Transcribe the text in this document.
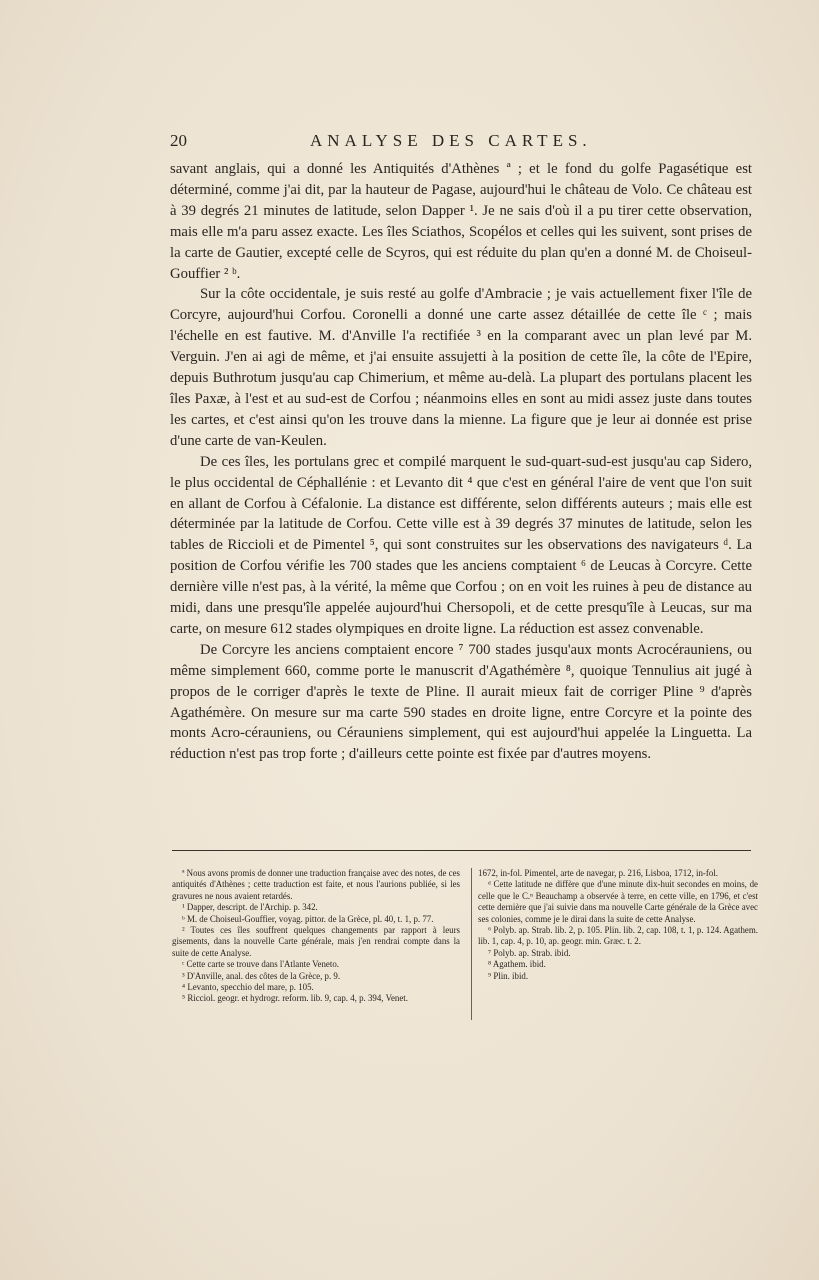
20	ANALYSE DES CARTES.

savant anglais, qui a donné les Antiquités d'Athènes ª ; et le fond du golfe Pagasétique est déterminé, comme j'ai dit, par la hauteur de Pagase, aujourd'hui le château de Volo. Ce château est à 39 degrés 21 minutes de latitude, selon Dapper ¹. Je ne sais d'où il a pu tirer cette observation, mais elle m'a paru assez exacte. Les îles Sciathos, Scopélos et celles qui les suivent, sont prises de la carte de Gautier, excepté celle de Scyros, qui est réduite du plan qu'en a donné M. de Choiseul-Gouffier ² ᵇ.

Sur la côte occidentale, je suis resté au golfe d'Ambracie ; je vais actuellement fixer l'île de Corcyre, aujourd'hui Corfou. Coronelli a donné une carte assez détaillée de cette île ᶜ ; mais l'échelle en est fautive. M. d'Anville l'a rectifiée ³ en la comparant avec un plan levé par M. Verguin. J'en ai agi de même, et j'ai ensuite assujetti à la position de cette île, la côte de l'Epire, depuis Buthrotum jusqu'au cap Chimerium, et même au-delà. La plupart des portulans placent les îles Paxæ, à l'est et au sud-est de Corfou ; néanmoins elles en sont au midi assez juste dans toutes les cartes, et c'est ainsi qu'on les trouve dans la mienne. La figure que je leur ai donnée est prise d'une carte de van-Keulen.

De ces îles, les portulans grec et compilé marquent le sud-quart-sud-est jusqu'au cap Sidero, le plus occidental de Céphallénie : et Levanto dit ⁴ que c'est en général l'aire de vent que l'on suit en allant de Corfou à Céfalonie. La distance est différente, selon différents auteurs ; mais elle est déterminée par la latitude de Corfou. Cette ville est à 39 degrés 37 minutes de latitude, selon les tables de Riccioli et de Pimentel ⁵, qui sont construites sur les observations des navigateurs ᵈ. La position de Corfou vérifie les 700 stades que les anciens comptaient ⁶ de Leucas à Corcyre. Cette dernière ville n'est pas, à la vérité, la même que Corfou ; on en voit les ruines à peu de distance au midi, dans une presqu'île appelée aujourd'hui Chersopoli, et de cette presqu'île à Leucas, sur ma carte, on mesure 612 stades olympiques en droite ligne. La réduction est assez convenable.

De Corcyre les anciens comptaient encore ⁷ 700 stades jusqu'aux monts Acrocérauniens, ou même simplement 660, comme porte le manuscrit d'Agathémère ⁸, quoique Tennulius ait jugé à propos de le corriger d'après le texte de Pline. Il aurait mieux fait de corriger Pline ⁹ d'après Agathémère. On mesure sur ma carte 590 stades en droite ligne, entre Corcyre et la pointe des monts Acro-cérauniens, ou Cérauniens simplement, qui est aujourd'hui appelée la Linguetta. La réduction n'est pas trop forte ; d'ailleurs cette pointe est fixée par d'autres moyens.

ª Nous avons promis de donner une traduction française avec des notes, de ces antiquités d'Athènes ; cette traduction est faite, et nous l'aurions publiée, si les gravures ne nous avaient retardés.

¹ Dapper, descript. de l'Archip. p. 342.

ᵇ M. de Choiseul-Gouffier, voyag. pittor. de la Grèce, pl. 40, t. 1, p. 77.

² Toutes ces îles souffrent quelques changements par rapport à leurs gisements, dans la nouvelle Carte générale, mais j'en rendrai compte dans la suite de cette Analyse.

ᶜ Cette carte se trouve dans l'Atlante Veneto.

³ D'Anville, anal. des côtes de la Grèce, p. 9.

⁴ Levanto, specchio del mare, p. 105.

⁵ Ricciol. geogr. et hydrogr. reform. lib. 9, cap. 4, p. 394, Venet.

1672, in-fol. Pimentel, arte de navegar, p. 216, Lisboa, 1712, in-fol.

ᵈ Cette latitude ne diffère que d'une minute dix-huit secondes en moins, de celle que le C.ⁿ Beauchamp a observée à terre, en cette ville, en 1796, et c'est cette dernière que j'ai suivie dans ma nouvelle Carte générale de la Grèce avec ses colonies, comme je le dirai dans la suite de cette Analyse.

⁶ Polyb. ap. Strab. lib. 2, p. 105. Plin. lib. 2, cap. 108, t. 1, p. 124. Agathem. lib. 1, cap. 4, p. 10, ap. geogr. min. Græc. t. 2.

⁷ Polyb. ap. Strab. ibid.

⁸ Agathem. ibid.

⁹ Plin. ibid.
